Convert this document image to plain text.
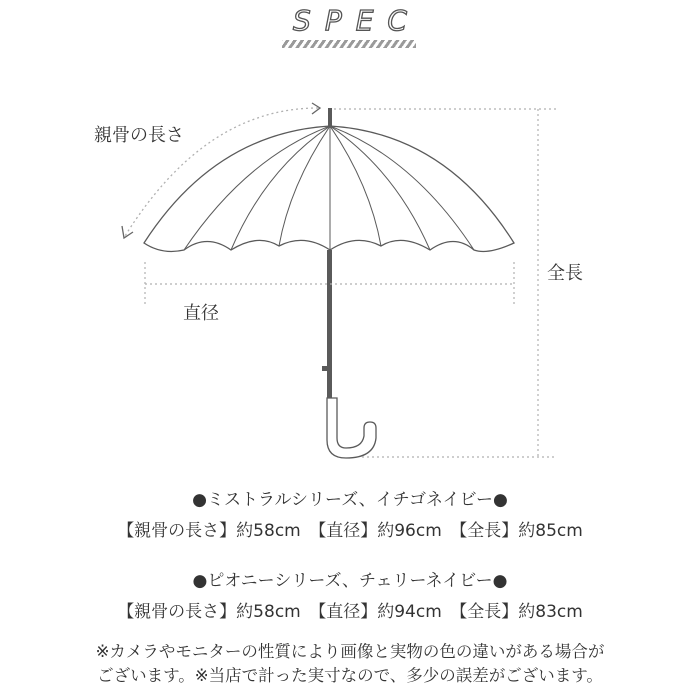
SPEC
親骨の長さ
直径
全長
●ミストラルシリーズ、イチゴネイビー●
【親骨の長さ】約58cm　【直径】約96cm　【全長】約85cm
●ピオニーシリーズ、チェリーネイビー●
【親骨の長さ】約58cm　【直径】約94cm　【全長】約83cm
※カメラやモニターの性質により画像と実物の色の違いがある場合が
ございます。※当店で計った実寸なので、多少の誤差がございます。
